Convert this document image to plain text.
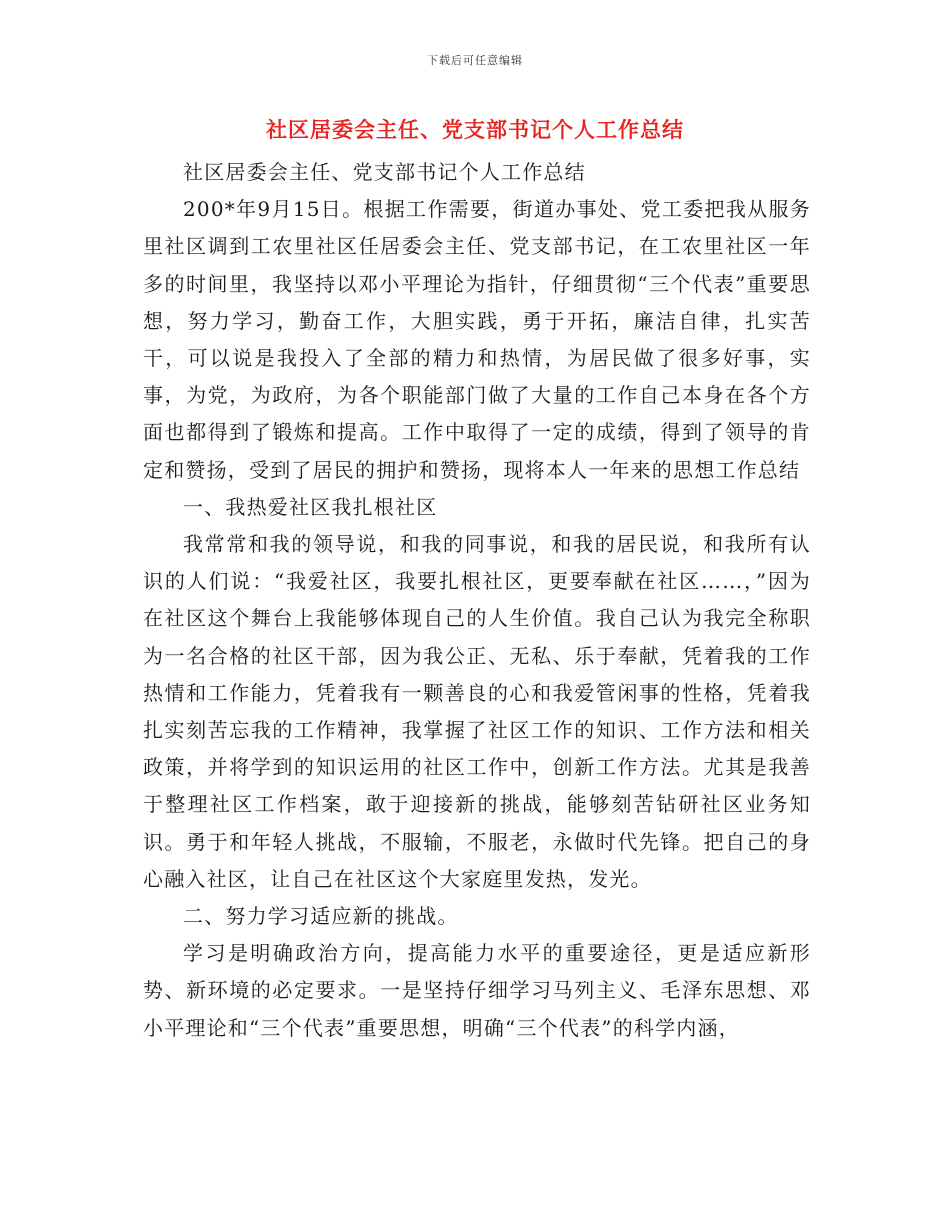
下载后可任意编辑
社区居委会主任、党支部书记个人工作总结

社区居委会主任、党支部书记个人工作总结

200*年9月15日。根据工作需要，街道办事处、党工委把我从服务里社区调到工农里社区任居委会主任、党支部书记，在工农里社区一年多的时间里，我坚持以邓小平理论为指针，仔细贯彻“三个代表”重要思想，努力学习，勤奋工作，大胆实践，勇于开拓，廉洁自律，扎实苦干，可以说是我投入了全部的精力和热情，为居民做了很多好事，实事，为党，为政府，为各个职能部门做了大量的工作自己本身在各个方面也都得到了锻炼和提高。工作中取得了一定的成绩，得到了领导的肯定和赞扬，受到了居民的拥护和赞扬，现将本人一年来的思想工作总结

一、我热爱社区我扎根社区

我常常和我的领导说，和我的同事说，和我的居民说，和我所有认识的人们说：“我爱社区，我要扎根社区，更要奉献在社区……，”因为在社区这个舞台上我能够体现自己的人生价值。我自己认为我完全称职为一名合格的社区干部，因为我公正、无私、乐于奉献，凭着我的工作热情和工作能力，凭着我有一颗善良的心和我爱管闲事的性格，凭着我扎实刻苦忘我的工作精神，我掌握了社区工作的知识、工作方法和相关政策，并将学到的知识运用的社区工作中，创新工作方法。尤其是我善于整理社区工作档案，敢于迎接新的挑战，能够刻苦钻研社区业务知识。勇于和年轻人挑战，不服输，不服老，永做时代先锋。把自己的身心融入社区，让自己在社区这个大家庭里发热，发光。

二、努力学习适应新的挑战。

学习是明确政治方向，提高能力水平的重要途径，更是适应新形势、新环境的必定要求。一是坚持仔细学习马列主义、毛泽东思想、邓小平理论和“三个代表”重要思想，明确“三个代表”的科学内涵，
